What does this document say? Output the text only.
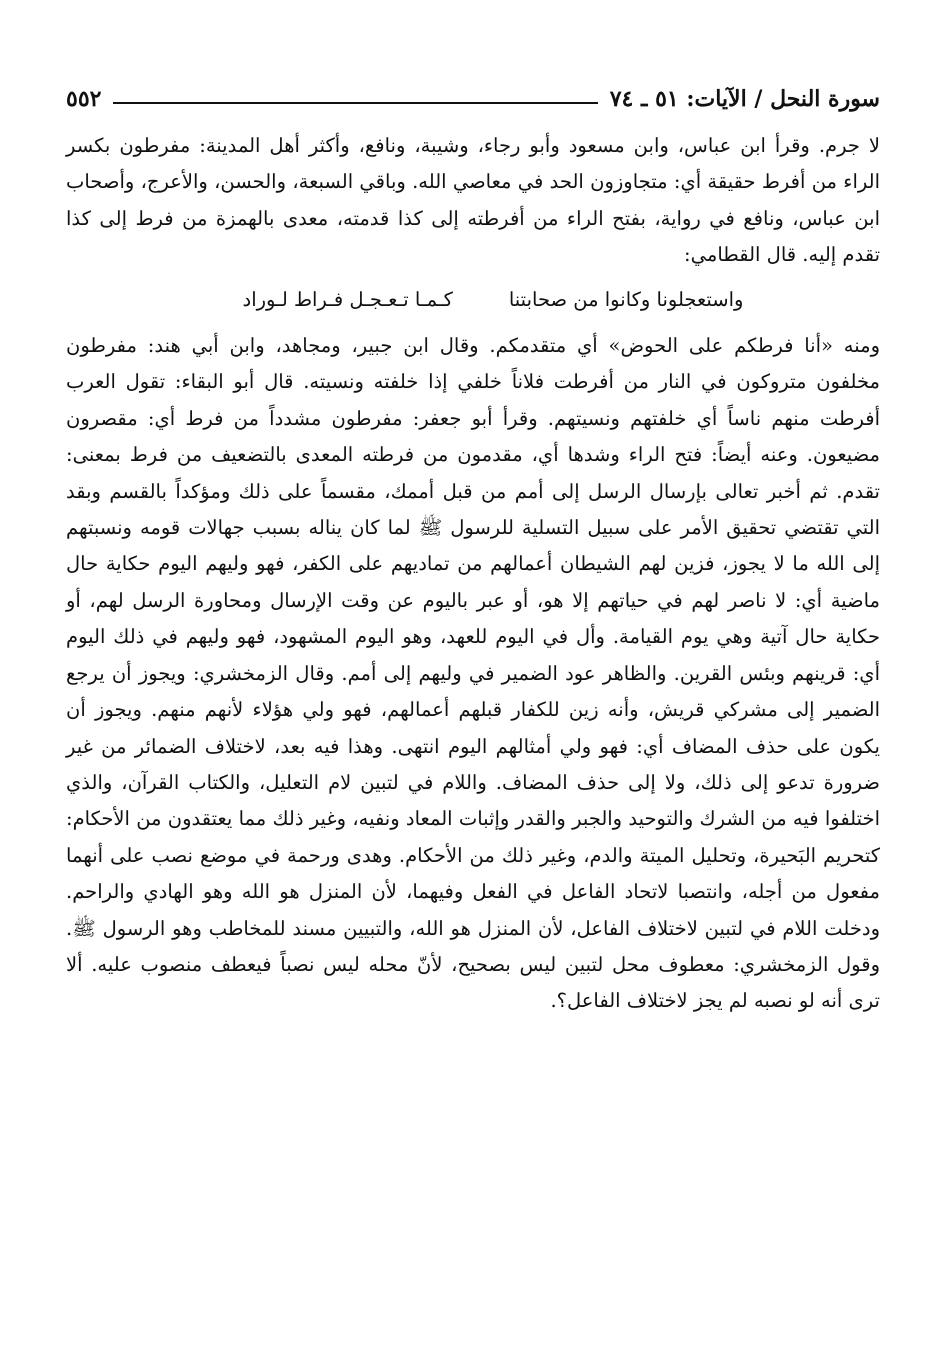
سورة النحل / الآيات: ٥١ ـ ٧٤
٥٥٢

لا جرم. وقرأ ابن عباس، وابن مسعود وأبو رجاء، وشيبة، ونافع، وأكثر أهل المدينة: مفرطون بكسر الراء من أفرط حقيقة أي: متجاوزون الحد في معاصي الله. وباقي السبعة، والحسن، والأعرج، وأصحاب ابن عباس، ونافع في رواية، بفتح الراء من أفرطته إلى كذا قدمته، معدى بالهمزة من فرط إلى كذا تقدم إليه. قال القطامي:

واستعجلونا وكانوا من صحابتنا
كـمـا تـعـجـل فـراط لـوراد

ومنه «أنا فرطكم على الحوض» أي متقدمكم. وقال ابن جبير، ومجاهد، وابن أبي هند: مفرطون مخلفون متروكون في النار من أفرطت فلاناً خلفي إذا خلفته ونسيته. قال أبو البقاء: تقول العرب أفرطت منهم ناساً أي خلفتهم ونسيتهم. وقرأ أبو جعفر: مفرطون مشدداً من فرط أي: مقصرون مضيعون. وعنه أيضاً: فتح الراء وشدها أي، مقدمون من فرطته المعدى بالتضعيف من فرط بمعنى: تقدم. ثم أخبر تعالى بإرسال الرسل إلى أمم من قبل أممك، مقسماً على ذلك ومؤكداً بالقسم وبقد التي تقتضي تحقيق الأمر على سبيل التسلية للرسول ﷺ لما كان يناله بسبب جهالات قومه ونسبتهم إلى الله ما لا يجوز، فزين لهم الشيطان أعمالهم من تماديهم على الكفر، فهو وليهم اليوم حكاية حال ماضية أي: لا ناصر لهم في حياتهم إلا هو، أو عبر باليوم عن وقت الإرسال ومحاورة الرسل لهم، أو حكاية حال آتية وهي يوم القيامة. وأل في اليوم للعهد، وهو اليوم المشهود، فهو وليهم في ذلك اليوم أي: قرينهم وبئس القرين. والظاهر عود الضمير في وليهم إلى أمم. وقال الزمخشري: ويجوز أن يرجع الضمير إلى مشركي قريش، وأنه زين للكفار قبلهم أعمالهم، فهو ولي هؤلاء لأنهم منهم. ويجوز أن يكون على حذف المضاف أي: فهو ولي أمثالهم اليوم انتهى. وهذا فيه بعد، لاختلاف الضمائر من غير ضرورة تدعو إلى ذلك، ولا إلى حذف المضاف. واللام في لتبين لام التعليل، والكتاب القرآن، والذي اختلفوا فيه من الشرك والتوحيد والجبر والقدر وإثبات المعاد ونفيه، وغير ذلك مما يعتقدون من الأحكام: كتحريم البَحيرة، وتحليل الميتة والدم، وغير ذلك من الأحكام. وهدى ورحمة في موضع نصب على أنهما مفعول من أجله، وانتصبا لاتحاد الفاعل في الفعل وفيهما، لأن المنزل هو الله وهو الهادي والراحم. ودخلت اللام في لتبين لاختلاف الفاعل، لأن المنزل هو الله، والتبيين مسند للمخاطب وهو الرسول ﷺ. وقول الزمخشري: معطوف محل لتبين ليس بصحيح، لأنّ محله ليس نصباً فيعطف منصوب عليه. ألا ترى أنه لو نصبه لم يجز لاختلاف الفاعل؟.
